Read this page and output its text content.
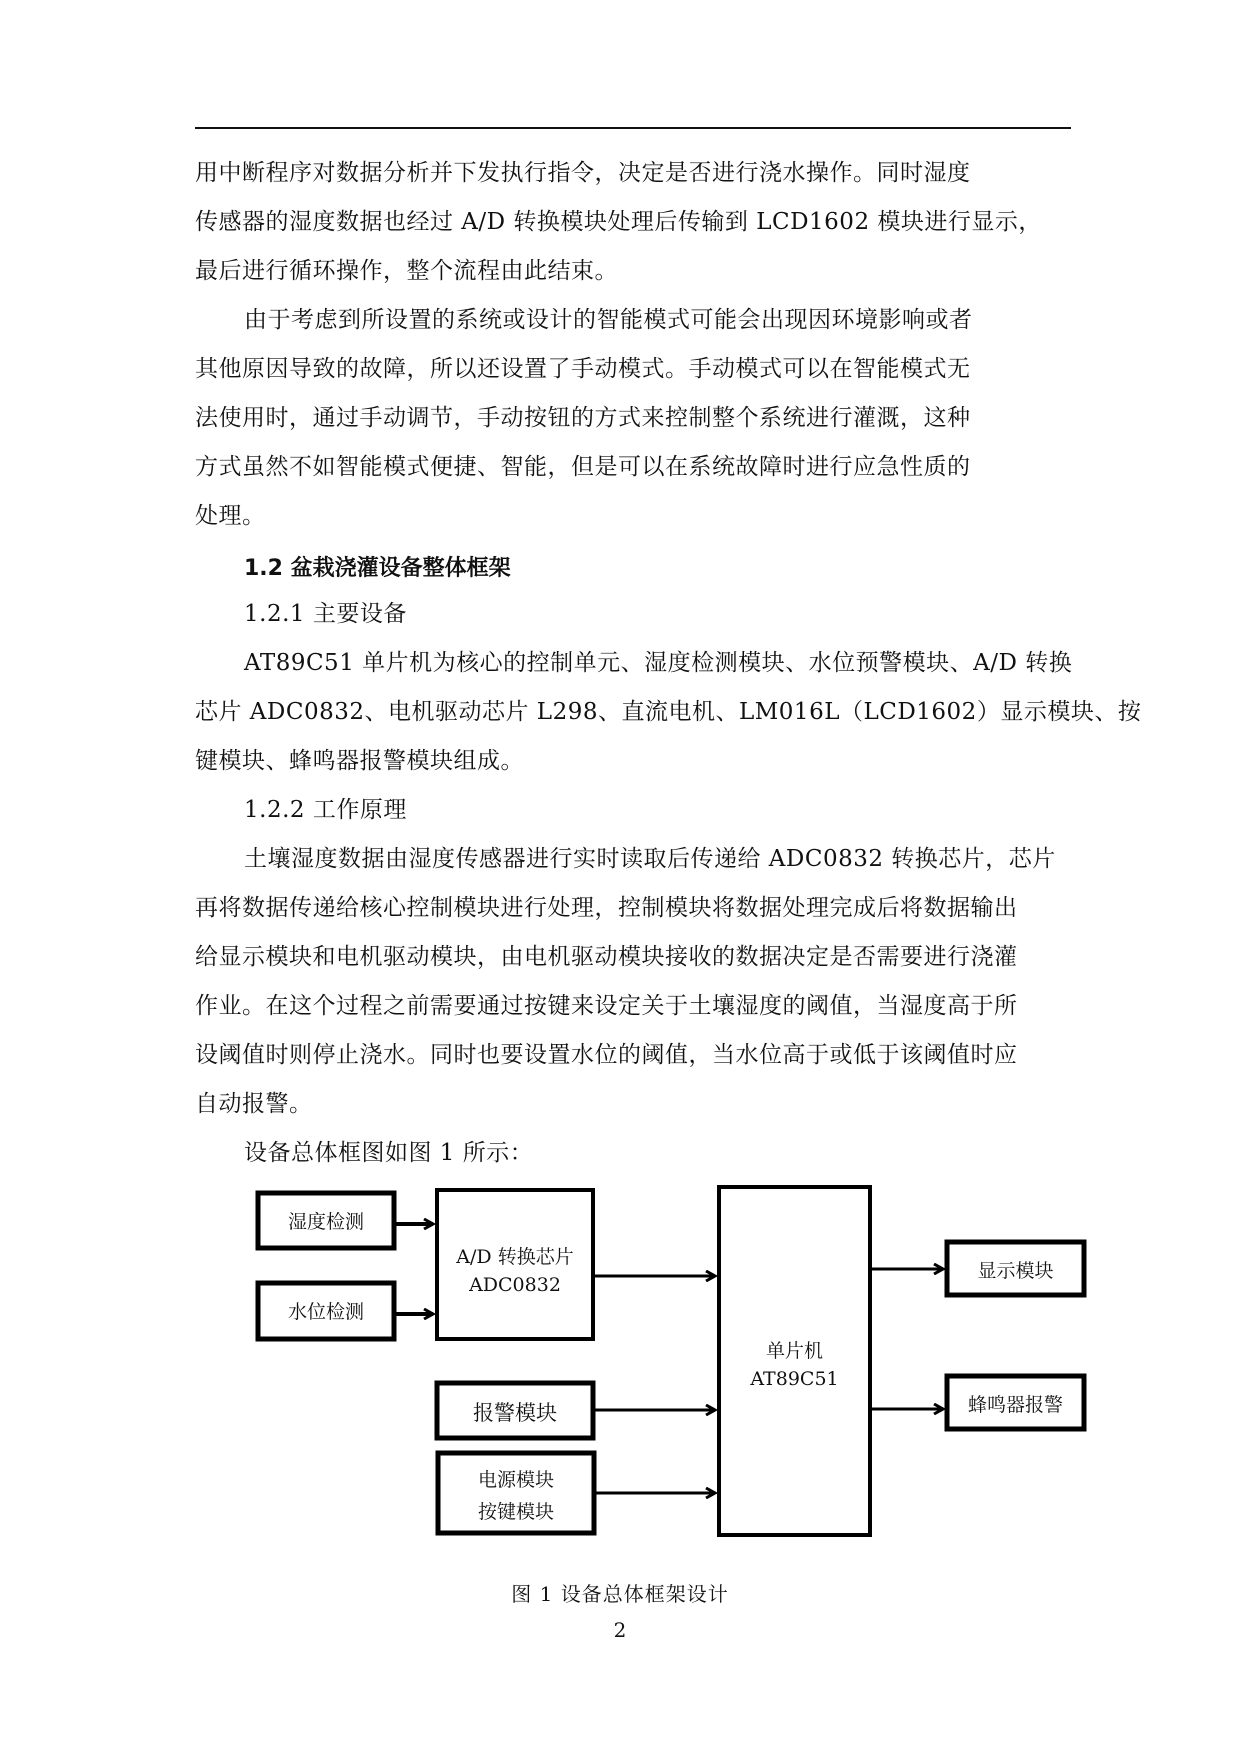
用中断程序对数据分析并下发执行指令，决定是否进行浇水操作。同时湿度
传感器的湿度数据也经过 A/D 转换模块处理后传输到 LCD1602 模块进行显示，
最后进行循环操作，整个流程由此结束。
由于考虑到所设置的系统或设计的智能模式可能会出现因环境影响或者
其他原因导致的故障，所以还设置了手动模式。手动模式可以在智能模式无
法使用时，通过手动调节，手动按钮的方式来控制整个系统进行灌溉，这种
方式虽然不如智能模式便捷、智能，但是可以在系统故障时进行应急性质的
处理。
1.2 盆栽浇灌设备整体框架
1.2.1 主要设备
AT89C51 单片机为核心的控制单元、湿度检测模块、水位预警模块、A/D 转换
芯片 ADC0832、电机驱动芯片 L298、直流电机、LM016L（LCD1602）显示模块、按
键模块、蜂鸣器报警模块组成。
1.2.2 工作原理
土壤湿度数据由湿度传感器进行实时读取后传递给 ADC0832 转换芯片，芯片
再将数据传递给核心控制模块进行处理，控制模块将数据处理完成后将数据输出
给显示模块和电机驱动模块，由电机驱动模块接收的数据决定是否需要进行浇灌
作业。在这个过程之前需要通过按键来设定关于土壤湿度的阈值，当湿度高于所
设阈值时则停止浇水。同时也要设置水位的阈值，当水位高于或低于该阈值时应
自动报警。
设备总体框图如图 1 所示：
湿度检测
水位检测
A/D 转换芯片
ADC0832
报警模块
电源模块
按键模块
单片机
AT89C51
显示模块
蜂鸣器报警
图 1 设备总体框架设计
2
